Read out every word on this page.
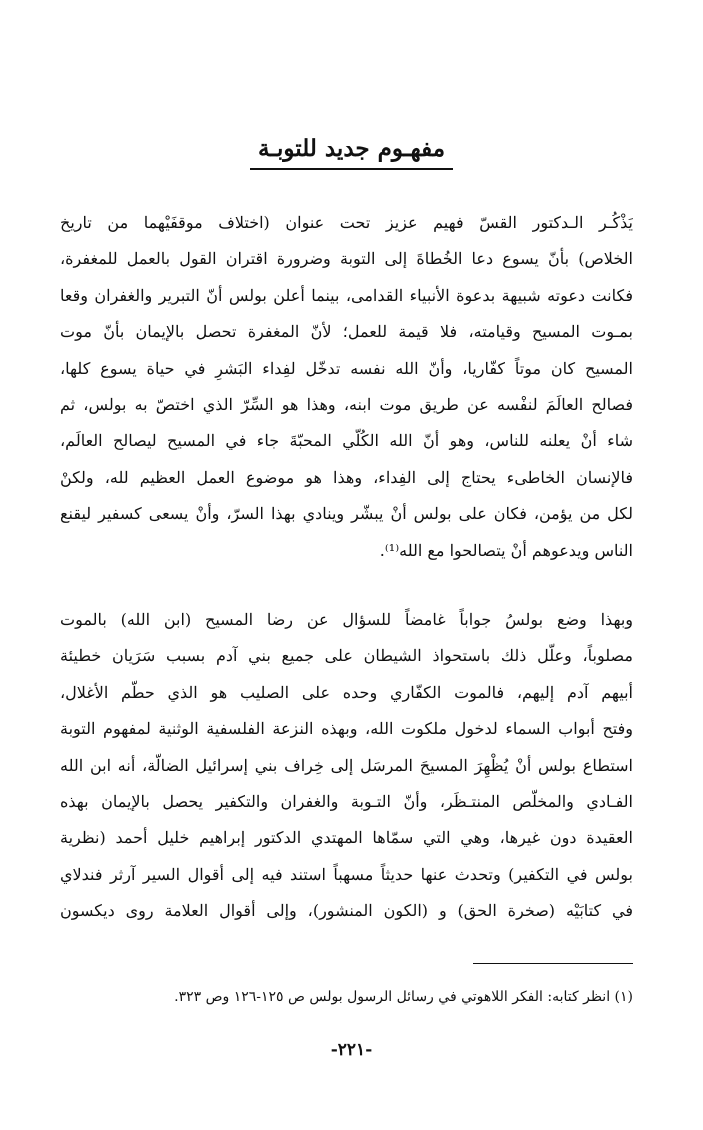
مفهـوم جديد للتوبـة
يَذْكُـر الـدكتور القسّ فهيم عزيز تحت عنوان (اختلاف موقفَيْهما من تاريخ
الخلاص) بأنّ يسوع دعا الخُطاةَ إلى التوبة وضرورة اقتران القول بالعمل للمغفرة،
فكانت دعوته شبيهة بدعوة الأنبياء القدامى، بينما أعلن بولس أنّ التبرير والغفران وقعا
بمـوت المسيح وقيامته، فلا قيمة للعمل؛ لأنّ المغفرة تحصل بالإيمان بأنّ موت
المسيح كان موتاً كفّاريا، وأنّ الله نفسه تدخّل لفِداء البَشرِ في حياة يسوع كلها،
فصالح العالَمَ لنفْسه عن طريق موت ابنه، وهذا هو السِّرّ الذي اختصّ به بولس، ثم
شاء أنْ يعلنه للناس، وهو أنّ الله الكُلّي المحبّةَ جاء في المسيح ليصالح العالَم،
فالإنسان الخاطىء يحتاج إلى الفِداء، وهذا هو موضوع العمل العظيم لله، ولكنْ
لكل من يؤمن، فكان على بولس أنْ يبشّر وينادي بهذا السرّ، وأنْ يسعى كسفير ليقنع
الناس ويدعوهم أنْ يتصالحوا مع الله⁽¹⁾.
وبهذا وضع بولسُ جواباً غامضاً للسؤال عن رضا المسيح (ابن الله) بالموت
مصلوباً، وعلّل ذلك باستحواذ الشيطان على جميع بني آدم بسبب سَرَيان خطيئة
أبيهم آدم إليهم، فالموت الكفّاري وحده على الصليب هو الذي حطّم الأغلال،
وفتح أبواب السماء لدخول ملكوت الله، وبهذه النزعة الفلسفية الوثنية لمفهوم التوبة
استطاع بولس أنْ يُظْهِرَ المسيحَ المرسَل إلى خِراف بني إسرائيل الضالّة، أنه ابن الله
الفـادي والمخلّص المنتـظَر، وأنّ التـوبة والغفران والتكفير يحصل بالإيمان بهذه
العقيدة دون غيرها، وهي التي سمّاها المهتدي الدكتور إبراهيم خليل أحمد (نظرية
بولس في التكفير) وتحدث عنها حديثاً مسهباً استند فيه إلى أقوال السير آرثر فندلاي
في كتابَيْه (صخرة الحق) و (الكون المنشور)، وإلى أقوال العلامة روى ديكسون
(١) انظر كتابه: الفكر اللاهوتي في رسائل الرسول بولس ص ١٢٥-١٢٦ وص ٣٢٣.
-٢٢١-
